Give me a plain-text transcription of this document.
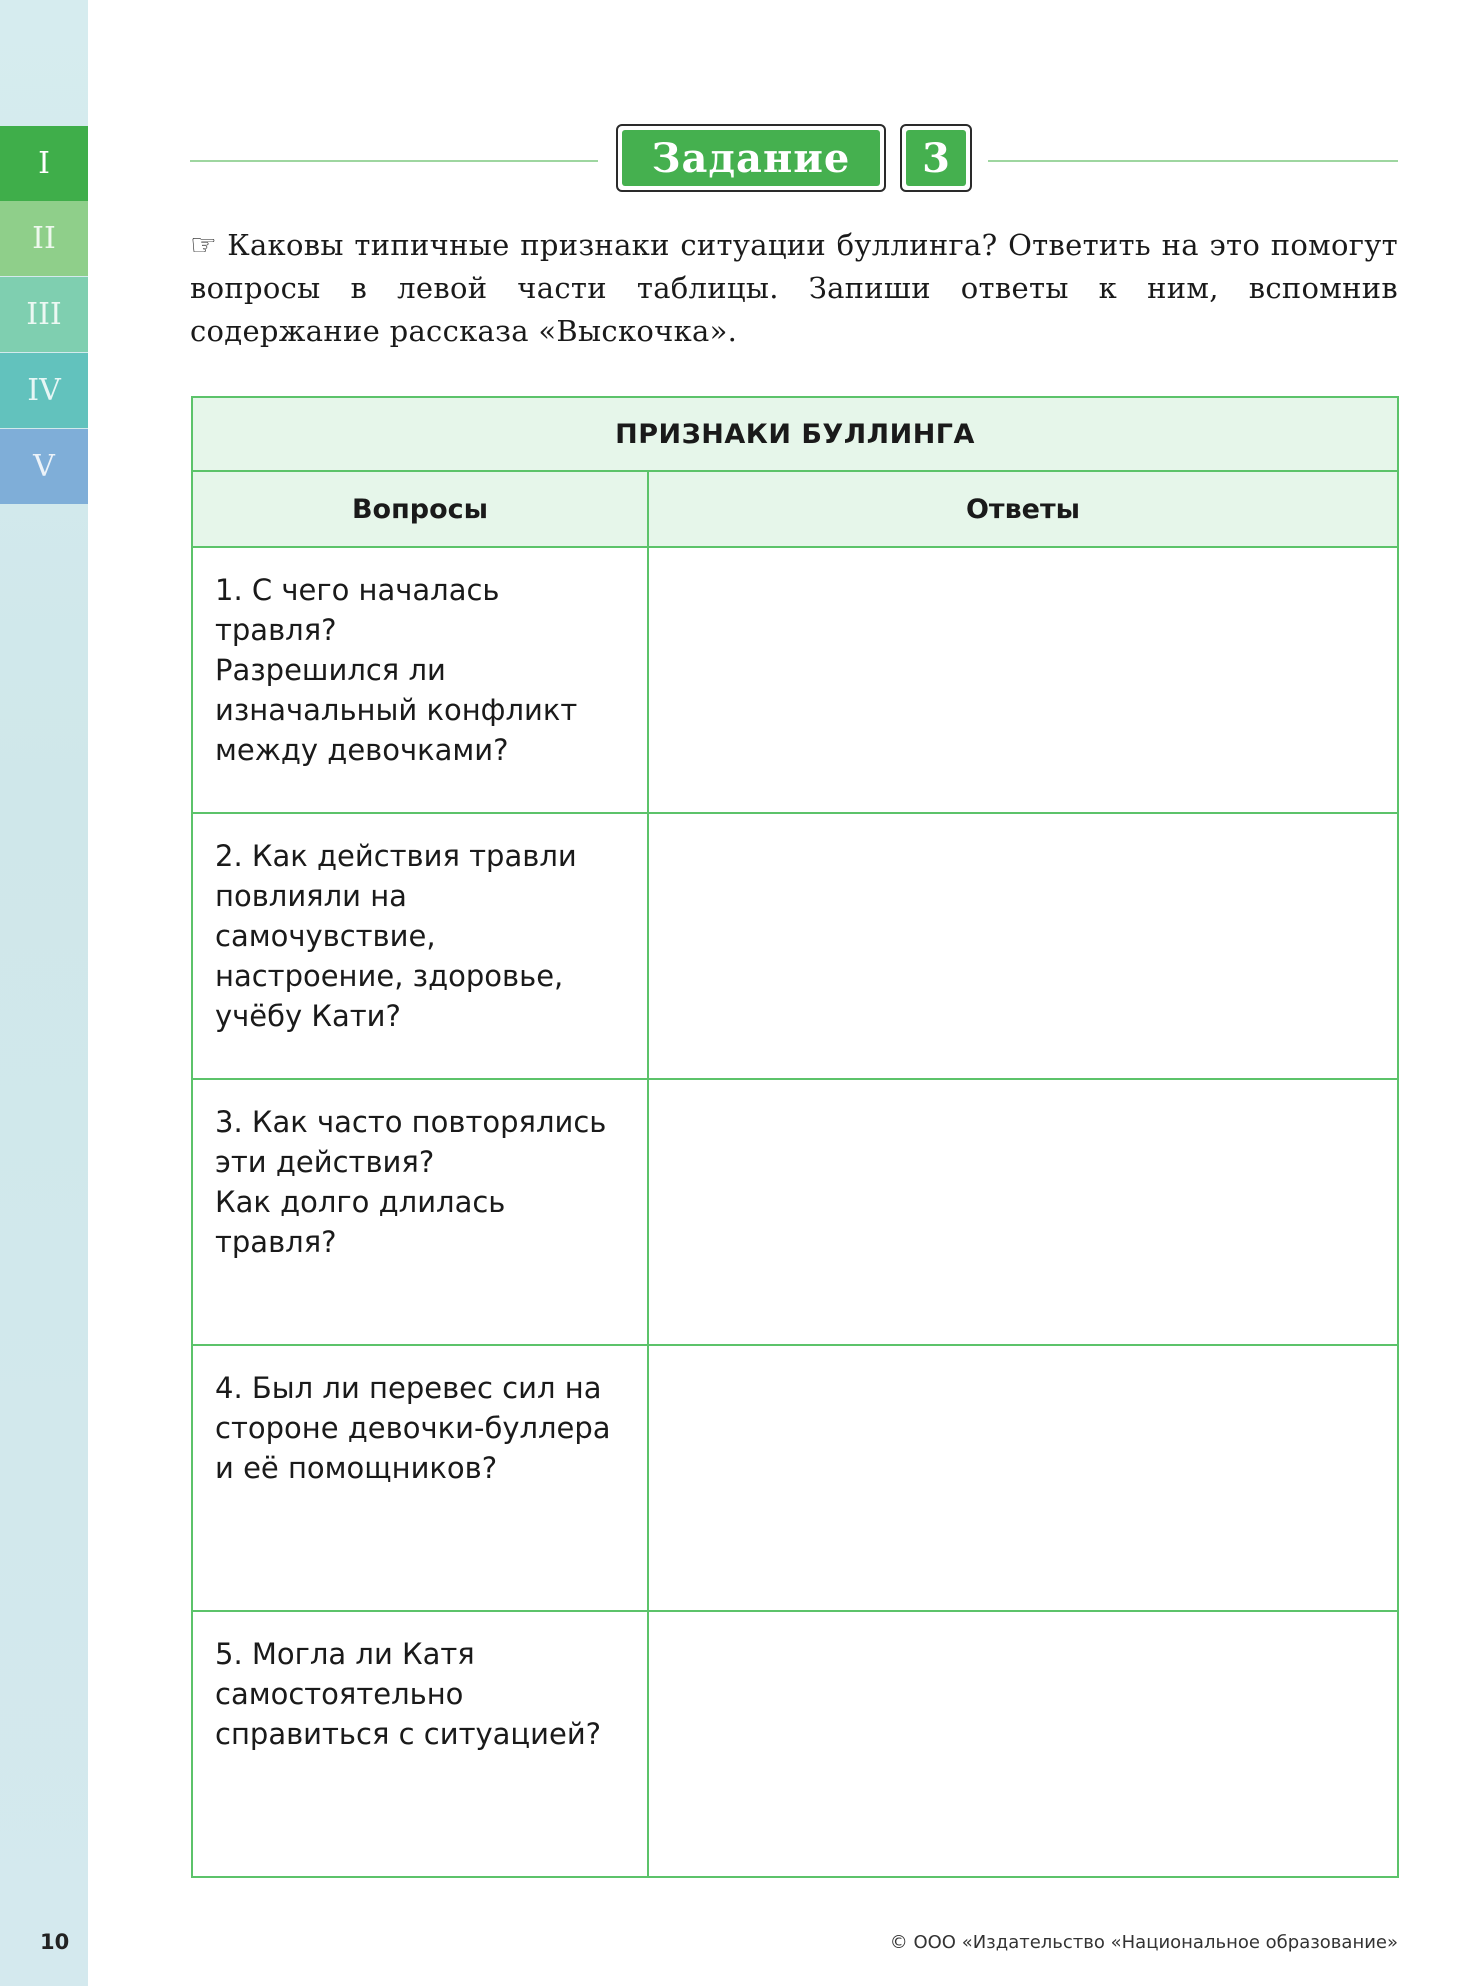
I
II
III
IV
V
Задание	3
☞ Каковы типичные признаки ситуации буллинга? Ответить на это помогут вопросы в левой части таблицы. Запиши ответы к ним, вспомнив содержание рассказа «Выскочка».
ПРИЗНАКИ БУЛЛИНГА	
Вопросы	Ответы
1. С чего началась травля?
Разрешился ли изначальный конфликт между девочками?	
2. Как действия травли повлияли на самочувствие, настроение, здоровье, учёбу Кати?	
3. Как часто повторялись эти действия?
Как долго длилась травля?	
4. Был ли перевес сил на стороне девочки-буллера и её помощников?	
5. Могла ли Катя самостоятельно справиться с ситуацией?	
10	© ООО «Издательство «Национальное образование»
